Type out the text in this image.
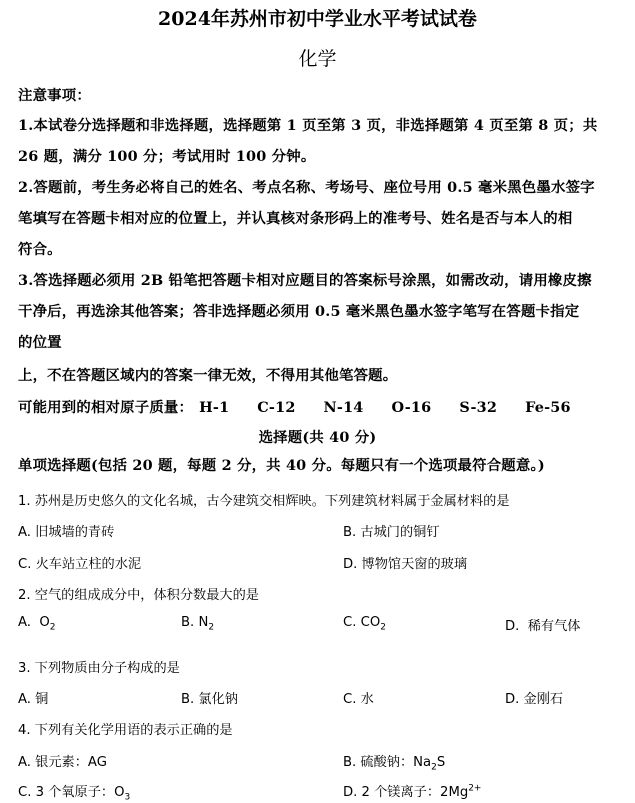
2024年苏州市初中学业水平考试试卷
化学
注意事项：
1.本试卷分选择题和非选择题，选择题第 1 页至第 3 页，非选择题第 4 页至第 8 页；共
26 题，满分 100 分；考试用时 100 分钟。
2.答题前，考生务必将自己的姓名、考点名称、考场号、座位号用 0.5 毫米黑色墨水签字
笔填写在答题卡相对应的位置上，并认真核对条形码上的准考号、姓名是否与本人的相
符合。
3.答选择题必须用 2B 铅笔把答题卡相对应题目的答案标号涂黑，如需改动，请用橡皮擦
干净后，再选涂其他答案；答非选择题必须用 0.5 毫米黑色墨水签字笔写在答题卡指定
的位置
上，不在答题区域内的答案一律无效，不得用其他笔答题。
可能用到的相对原子质量： H-1 C-12 N-14 O-16 S-32 Fe-56
选择题(共 40 分)
单项选择题(包括 20 题，每题 2 分，共 40 分。每题只有一个选项最符合题意。)
1. 苏州是历史悠久的文化名城，古今建筑交相辉映。下列建筑材料属于金属材料的是
A. 旧城墙的青砖	B. 古城门的铜钉
C. 火车站立柱的水泥	D. 博物馆天窗的玻璃
2. 空气的组成成分中，体积分数最大的是
A. $O_2$	B. $N_2$	C. $CO_2$	D. 稀有气体
3. 下列物质由分子构成的是
A. 铜	B. 氯化钠	C. 水	D. 金刚石
4. 下列有关化学用语的表示正确的是
A. 银元素：AG	B. 硫酸钠：$Na_2S$
C. 3 个氧原子：$O_3$	D. 2 个镁离子：$2Mg^{2+}$
